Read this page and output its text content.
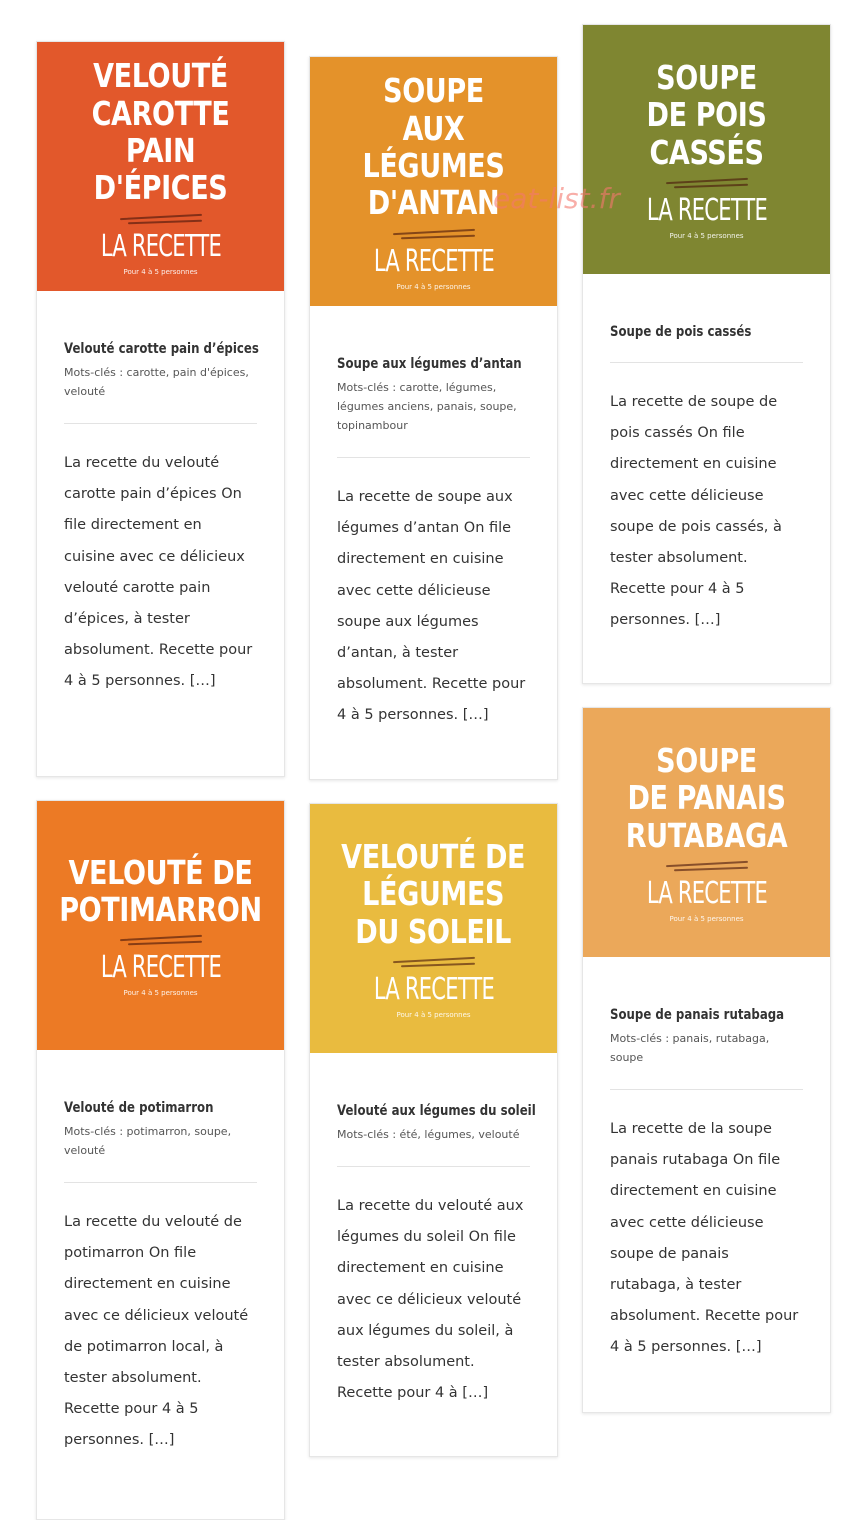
VELOUTÉ
CAROTTE
PAIN D'ÉPICES
LA RECETTE
Pour 4 à 5 personnes
Velouté carotte pain d’épices
Mots-clés : carotte, pain d'épices, velouté

La recette du velouté carotte pain d’épices On file directement en cuisine avec ce délicieux velouté carotte pain d’épices, à tester absolument. Recette pour 4 à 5 personnes. […]

SOUPE
AUX LÉGUMES
D'ANTAN
LA RECETTE
Pour 4 à 5 personnes
Soupe aux légumes d’antan
Mots-clés : carotte, légumes, légumes anciens, panais, soupe, topinambour

La recette de soupe aux légumes d’antan On file directement en cuisine avec cette délicieuse soupe aux légumes d’antan, à tester absolument. Recette pour 4 à 5 personnes. […]

SOUPE
DE POIS CASSÉS
LA RECETTE
Pour 4 à 5 personnes
Soupe de pois cassés

La recette de soupe de pois cassés On file directement en cuisine avec cette délicieuse soupe de pois cassés, à tester absolument. Recette pour 4 à 5 personnes. […]

VELOUTÉ DE
POTIMARRON
LA RECETTE
Pour 4 à 5 personnes
Velouté de potimarron
Mots-clés : potimarron, soupe, velouté

La recette du velouté de potimarron On file directement en cuisine avec ce délicieux velouté de potimarron local, à tester absolument. Recette pour 4 à 5 personnes. […]

VELOUTÉ DE
LÉGUMES
DU SOLEIL
LA RECETTE
Pour 4 à 5 personnes
Velouté aux légumes du soleil
Mots-clés : été, légumes, velouté

La recette du velouté aux légumes du soleil On file directement en cuisine avec ce délicieux velouté aux légumes du soleil, à tester absolument. Recette pour 4 à […]

SOUPE
DE PANAIS
RUTABAGA
LA RECETTE
Pour 4 à 5 personnes
Soupe de panais rutabaga
Mots-clés : panais, rutabaga, soupe

La recette de la soupe panais rutabaga On file directement en cuisine avec cette délicieuse soupe de panais rutabaga, à tester absolument. Recette pour 4 à 5 personnes. […]

eat-list.fr
